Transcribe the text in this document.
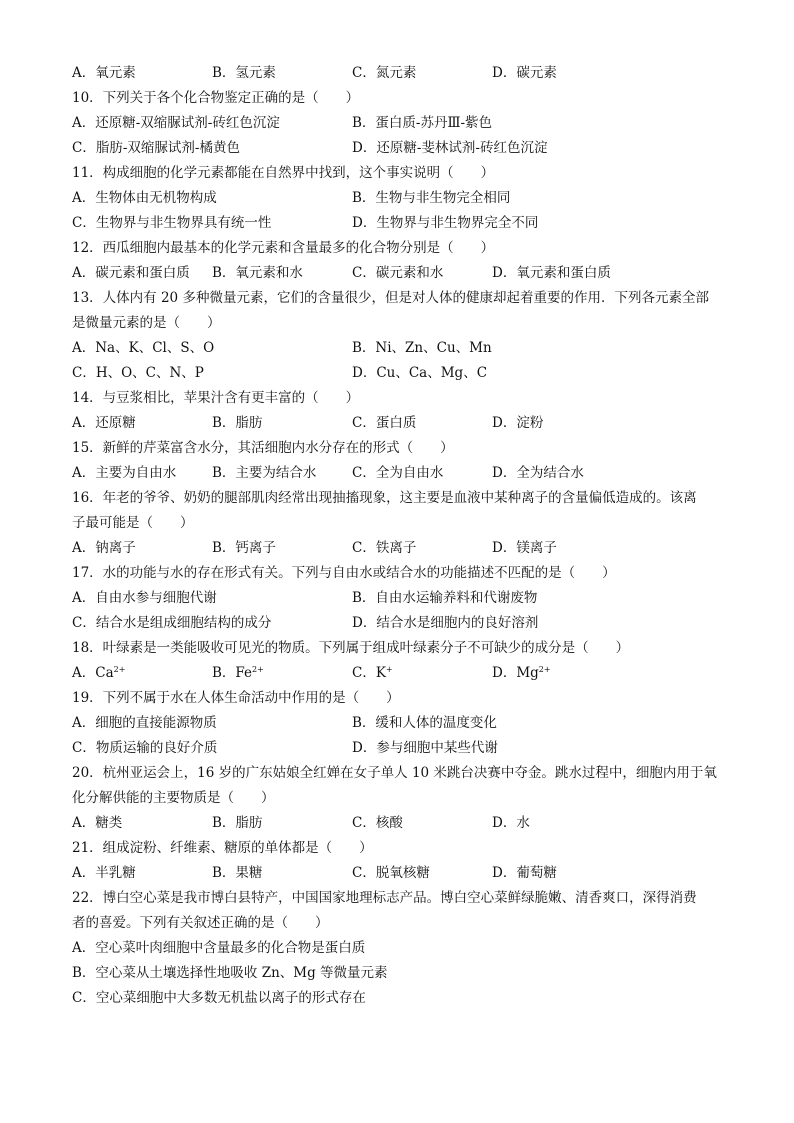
A．氧元素	B．氢元素	C．氮元素	D．碳元素
10．下列关于各个化合物鉴定正确的是（　　）
A．还原糖-双缩脲试剂-砖红色沉淀	B．蛋白质-苏丹Ⅲ-紫色
C．脂肪-双缩脲试剂-橘黄色	D．还原糖-斐林试剂-砖红色沉淀
11．构成细胞的化学元素都能在自然界中找到，这个事实说明（　　）
A．生物体由无机物构成	B．生物与非生物完全相同
C．生物界与非生物界具有统一性	D．生物界与非生物界完全不同
12．西瓜细胞内最基本的化学元素和含量最多的化合物分别是（　　）
A．碳元素和蛋白质 B．氧元素和水	C．碳元素和水	D．氧元素和蛋白质
13．人体内有 20 多种微量元素，它们的含量很少，但是对人体的健康却起着重要的作用．下列各元素全部
是微量元素的是（　　）
A．Na、K、Cl、S、O	B．Ni、Zn、Cu、Mn
C．H、O、C、N、P	D．Cu、Ca、Mg、C
14．与豆浆相比，苹果汁含有更丰富的（　　）
A．还原糖	B．脂肪	C．蛋白质	D．淀粉
15．新鲜的芹菜富含水分，其活细胞内水分存在的形式（　　）
A．主要为自由水	B．主要为结合水	C．全为自由水	D．全为结合水
16．年老的爷爷、奶奶的腿部肌肉经常出现抽搐现象，这主要是血液中某种离子的含量偏低造成的。该离
子最可能是（　　）
A．钠离子	B．钙离子	C．铁离子	D．镁离子
17．水的功能与水的存在形式有关。下列与自由水或结合水的功能描述不匹配的是（　　）
A．自由水参与细胞代谢	B．自由水运输养料和代谢废物
C．结合水是组成细胞结构的成分	D．结合水是细胞内的良好溶剂
18．叶绿素是一类能吸收可见光的物质。下列属于组成叶绿素分子不可缺少的成分是（　　）
A．$Ca^{2+}$	B．$Fe^{2+}$	C．K+	D．$Mg^{2+}$
19．下列不属于水在人体生命活动中作用的是（　　）
A．细胞的直接能源物质	B．缓和人体的温度变化
C．物质运输的良好介质	D．参与细胞中某些代谢
20．杭州亚运会上，16 岁的广东姑娘全红婵在女子单人 10 米跳台决赛中夺金。跳水过程中，细胞内用于氧
化分解供能的主要物质是（　　）
A．糖类	B．脂肪	C．核酸	D．水
21．组成淀粉、纤维素、糖原的单体都是（　　）
A．半乳糖	B．果糖	C．脱氧核糖	D．葡萄糖
22．博白空心菜是我市博白县特产，中国国家地理标志产品。博白空心菜鲜绿脆嫩、清香爽口，深得消费
者的喜爱。下列有关叙述正确的是（　　）
A．空心菜叶肉细胞中含量最多的化合物是蛋白质
B．空心菜从土壤选择性地吸收 Zn、Mg 等微量元素
C．空心菜细胞中大多数无机盐以离子的形式存在
